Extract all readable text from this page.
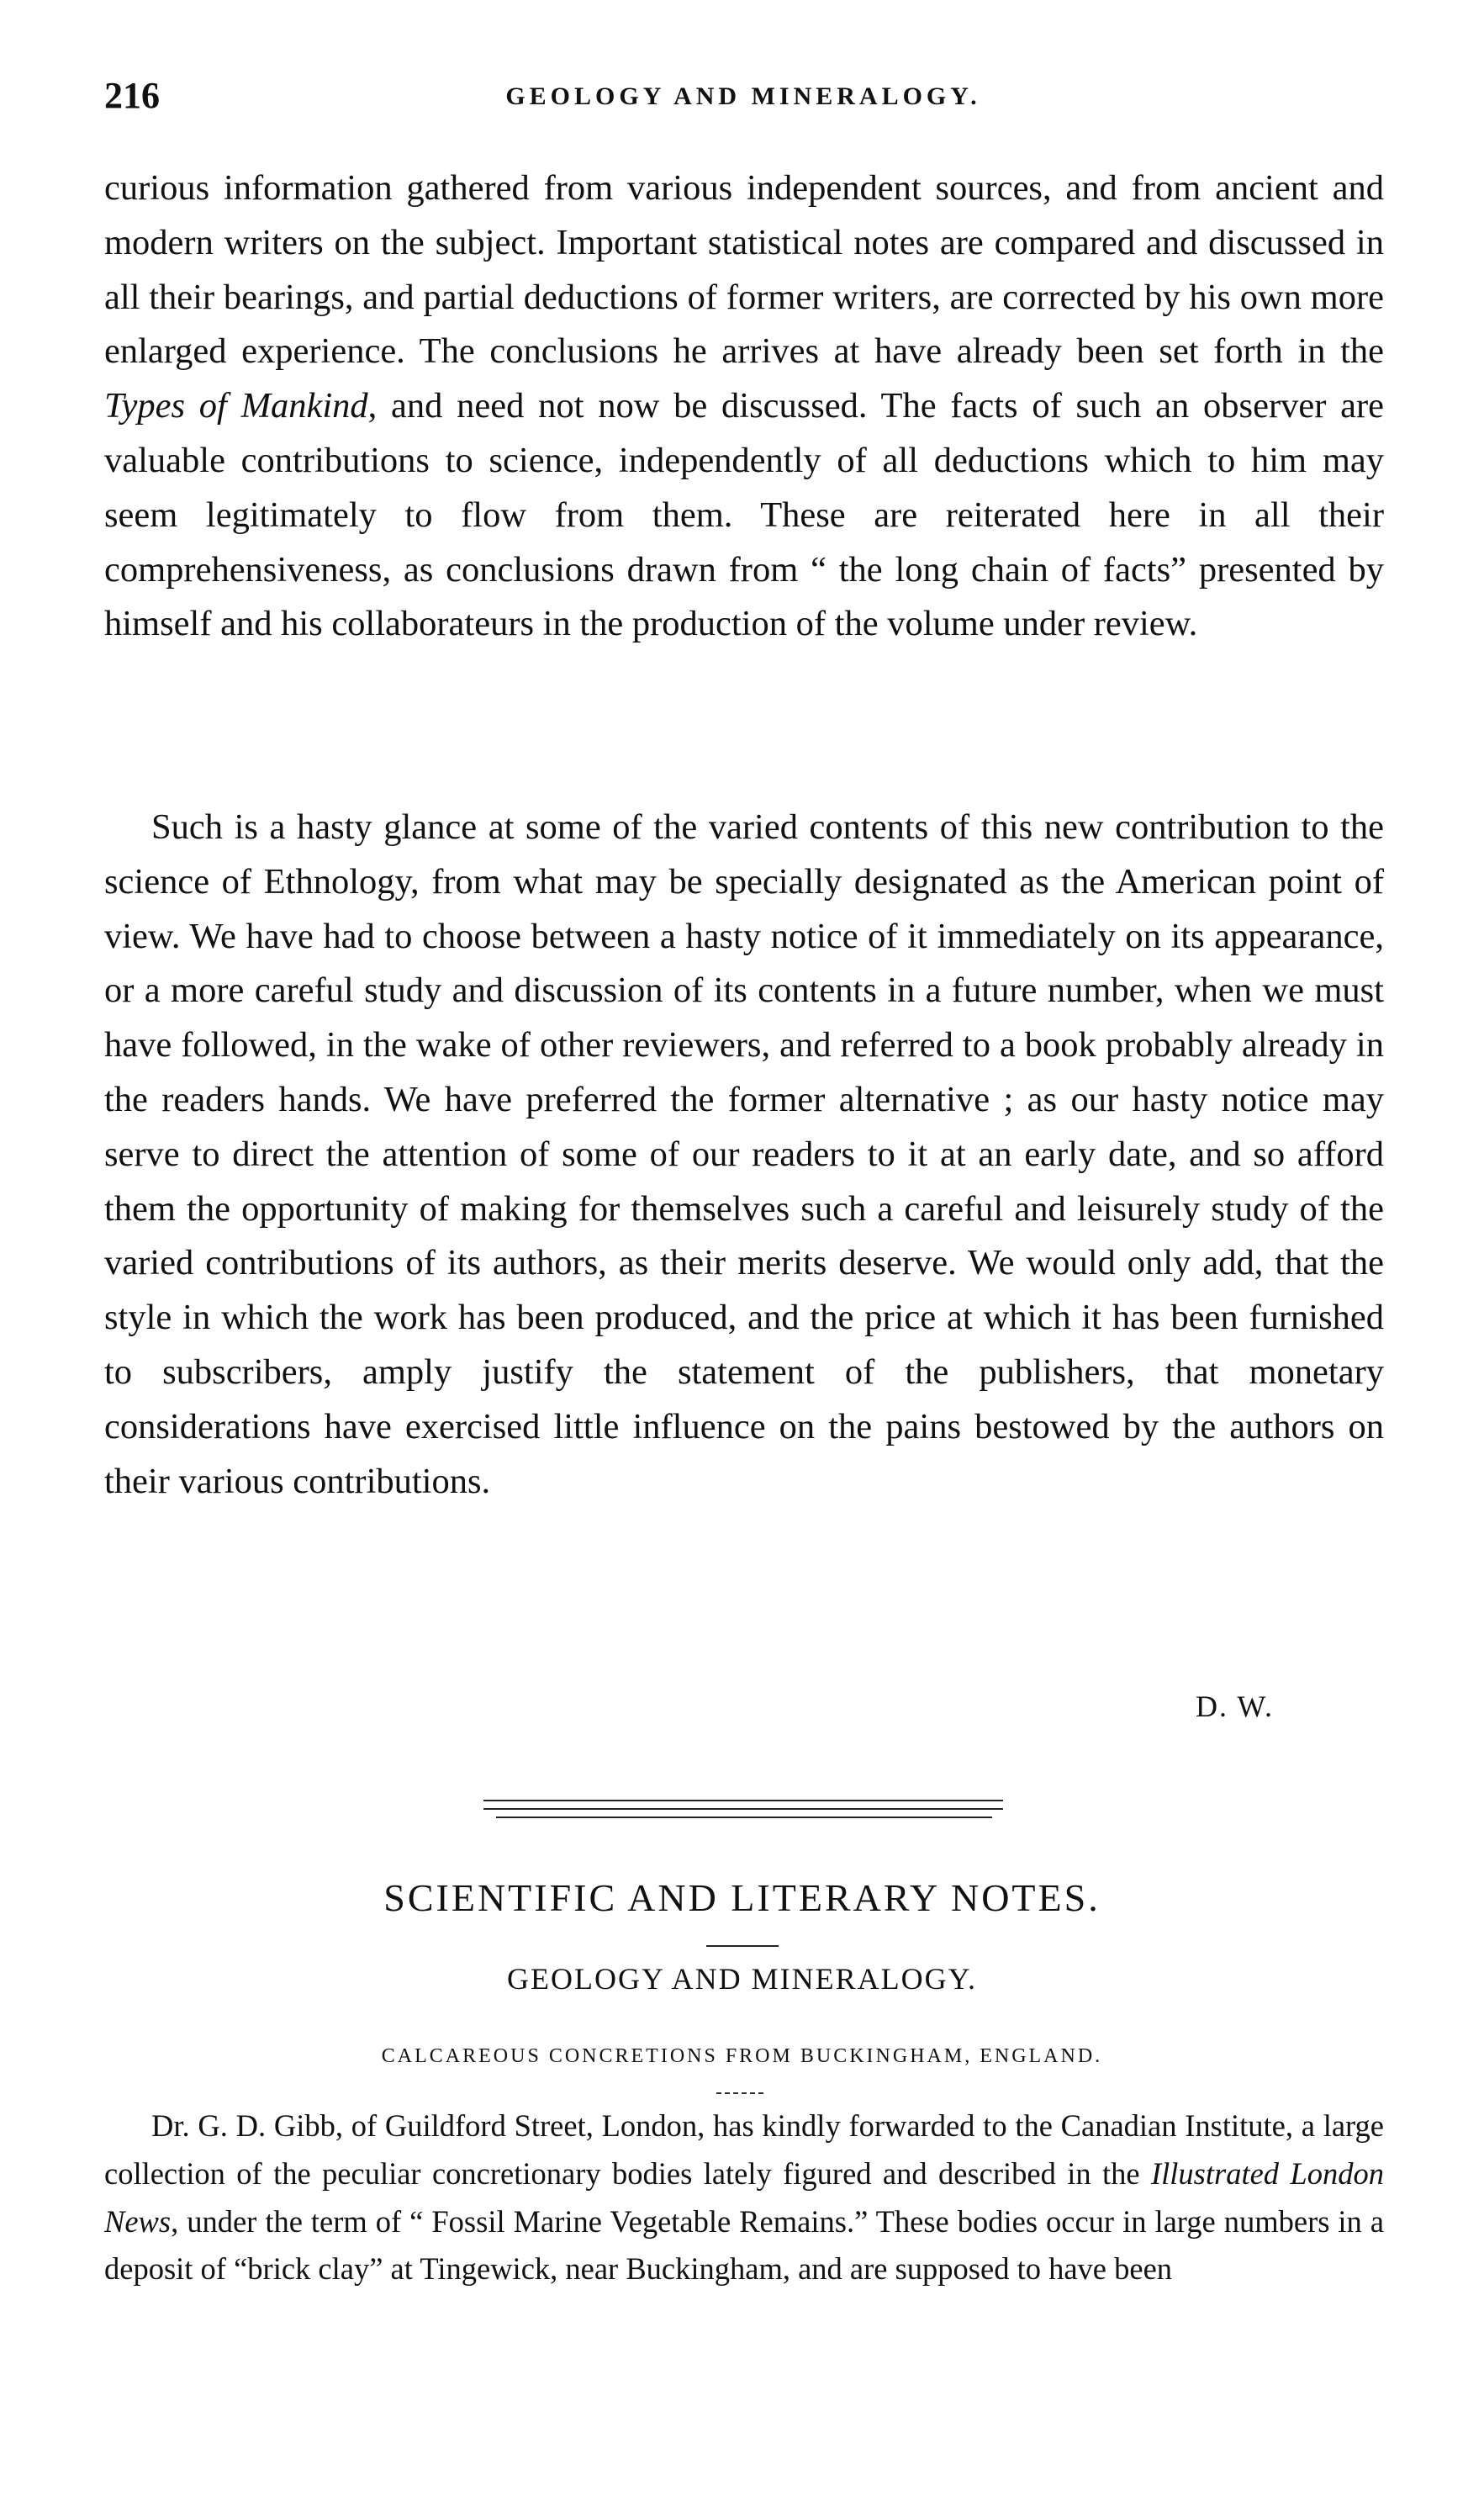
216	GEOLOGY AND MINERALOGY.

curious information gathered from various independent sources, and from ancient and modern writers on the subject. Important statistical notes are compared and discussed in all their bearings, and partial deductions of former writers, are corrected by his own more enlarged experience. The conclusions he arrives at have already been set forth in the Types of Mankind, and need not now be discussed. The facts of such an observer are valuable contributions to science, independently of all deductions which to him may seem legitimately to flow from them. These are reiterated here in all their comprehensiveness, as conclusions drawn from “ the long chain of facts” presented by himself and his collaborateurs in the production of the volume under review.

Such is a hasty glance at some of the varied contents of this new contribution to the science of Ethnology, from what may be specially designated as the American point of view. We have had to choose between a hasty notice of it immediately on its appearance, or a more careful study and discussion of its contents in a future number, when we must have followed, in the wake of other reviewers, and referred to a book probably already in the readers hands. We have preferred the former alternative ; as our hasty notice may serve to direct the attention of some of our readers to it at an early date, and so afford them the opportunity of making for themselves such a careful and leisurely study of the varied contributions of its authors, as their merits deserve. We would only add, that the style in which the work has been produced, and the price at which it has been furnished to subscribers, amply justify the statement of the publishers, that monetary considerations have exercised little influence on the pains bestowed by the authors on their various contributions.

D. W.
SCIENTIFIC AND LITERARY NOTES.
GEOLOGY AND MINERALOGY.
CALCAREOUS CONCRETIONS FROM BUCKINGHAM, ENGLAND.

Dr. G. D. Gibb, of Guildford Street, London, has kindly forwarded to the Canadian Institute, a large collection of the peculiar concretionary bodies lately figured and described in the Illustrated London News, under the term of “ Fossil Marine Vegetable Remains.” These bodies occur in large numbers in a deposit of “brick clay” at Tingewick, near Buckingham, and are supposed to have been
